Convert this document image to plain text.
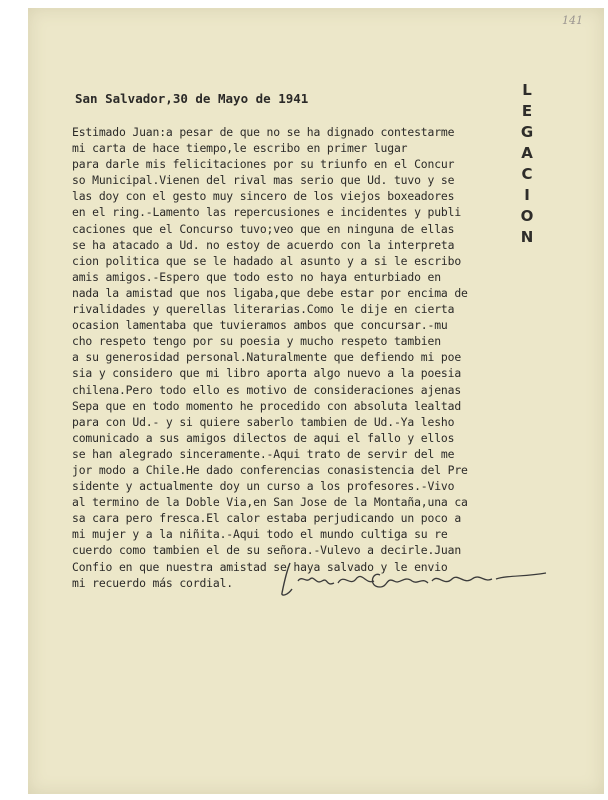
141
San Salvador,30 de Mayo de 1941	L
E
G
A
C
I
O
N
Estimado Juan:a pesar de que no se ha dignado contestarme
mi carta de hace tiempo,le escribo en primer lugar
para darle mis felicitaciones por su triunfo en el Concur
so Municipal.Vienen del rival mas serio que Ud. tuvo y se
las doy con el gesto muy sincero de los viejos boxeadores
en el ring.-Lamento las repercusiones e incidentes y publi
caciones que el Concurso tuvo;veo que en ninguna de ellas
se ha atacado a Ud. no estoy de acuerdo con la interpreta
cion politica que se le hadado al asunto y a si le escribo
amis amigos.-Espero que todo esto no haya enturbiado en
nada la amistad que nos ligaba,que debe estar por encima de
rivalidades y querellas literarias.Como le dije en cierta
ocasion lamentaba que tuvieramos ambos que concursar.-mu
cho respeto tengo por su poesia y mucho respeto tambien
a su generosidad personal.Naturalmente que defiendo mi poe
sia y considero que mi libro aporta algo nuevo a la poesia
chilena.Pero todo ello es motivo de consideraciones ajenas
Sepa que en todo momento he procedido con absoluta lealtad
para con Ud.- y si quiere saberlo tambien de Ud.-Ya lesho
comunicado a sus amigos dilectos de aqui el fallo y ellos
se han alegrado sinceramente.-Aqui trato de servir del me
jor modo a Chile.He dado conferencias conasistencia del Pre
sidente y actualmente doy un curso a los profesores.-Vivo
al termino de la Doble Via,en San Jose de la Montaña,una ca
sa cara pero fresca.El calor estaba perjudicando un poco a
mi mujer y a la niñita.-Aqui todo el mundo cultiga su re
cuerdo como tambien el de su señora.-Vulevo a decirle.Juan
Confio en que nuestra amistad se haya salvado y le envio
mi recuerdo más cordial.
